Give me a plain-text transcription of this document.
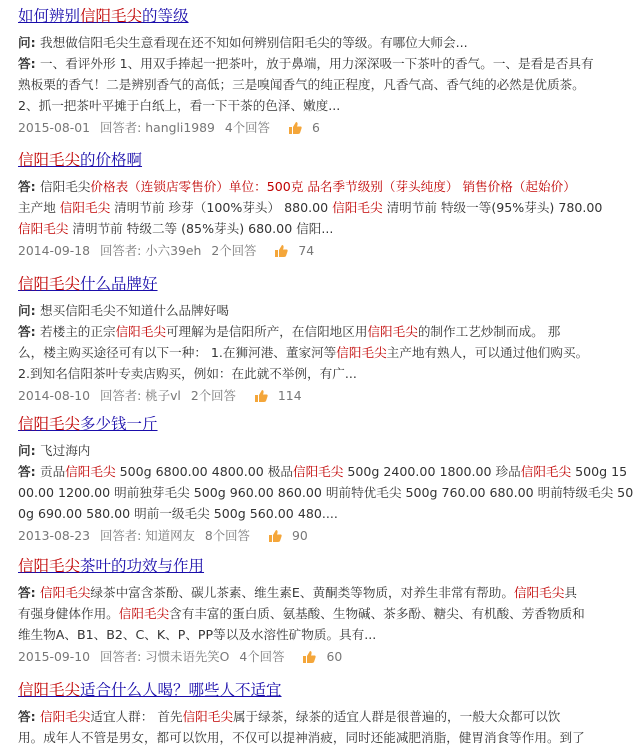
如何辨别信阳毛尖的等级
问: 我想做信阳毛尖生意看现在还不知如何辨别信阳毛尖的等级。有哪位大师会...
答: 一、看评外形 1、用双手捧起一把茶叶，放于鼻端，用力深深吸一下茶叶的香气。一、是看是否具有
熟板栗的香气！二是辨别香气的高低；三是嗅闻香气的纯正程度，凡香气高、香气纯的必然是优质茶。
2、抓一把茶叶平摊于白纸上，看一下干茶的色泽、嫩度...
2015-08-01 回答者: hangli1989 4个回答	6
信阳毛尖的价格啊
答: 信阳毛尖价格表（连锁店零售价）单位：500克 品名季节级别（芽头纯度） 销售价格（起始价）
主产地 信阳毛尖 清明节前 珍芽（100%芽头） 880.00 信阳毛尖 清明节前 特级一等(95%芽头) 780.00
信阳毛尖 清明节前 特级二等 (85%芽头) 680.00 信阳...
2014-09-18 回答者: 小六39eh 2个回答	74
信阳毛尖什么品牌好
问: 想买信阳毛尖不知道什么品牌好喝
答: 若楼主的正宗信阳毛尖可理解为是信阳所产，在信阳地区用信阳毛尖的制作工艺炒制而成。 那
么，楼主购买途径可有以下一种： 1.在狮河港、董家河等信阳毛尖主产地有熟人，可以通过他们购买。
2.到知名信阳茶叶专卖店购买，例如：在此就不举例，有广...
2014-08-10 回答者: 桃子vl 2个回答	114
信阳毛尖多少钱一斤
问: 飞过海内
答: 贡品信阳毛尖 500g 6800.00 4800.00 极品信阳毛尖 500g 2400.00 1800.00 珍品信阳毛尖 500g 15
00.00 1200.00 明前独芽毛尖 500g 960.00 860.00 明前特优毛尖 500g 760.00 680.00 明前特级毛尖 50
0g 690.00 580.00 明前一级毛尖 500g 560.00 480....
2013-08-23 回答者: 知道网友 8个回答	90
信阳毛尖茶叶的功效与作用
答: 信阳毛尖绿茶中富含茶酚、碳儿茶素、维生素E、黄酮类等物质，对养生非常有帮助。信阳毛尖具
有强身健体作用。信阳毛尖含有丰富的蛋白质、氨基酸、生物碱、茶多酚、糖尖、有机酸、芳香物质和
维生物A、B1、B2、C、K、P、PP等以及水溶性矿物质。具有...
2015-09-10 回答者: 习惯未语先笑O 4个回答	60
信阳毛尖适合什么人喝？哪些人不适宜
答: 信阳毛尖适宜人群： 首先信阳毛尖属于绿茶，绿茶的适宜人群是很普遍的，一般大众都可以饮
用。成年人不管是男女，都可以饮用，不仅可以提神消疲，同时还能减肥消脂，健胃消食等作用。到了
